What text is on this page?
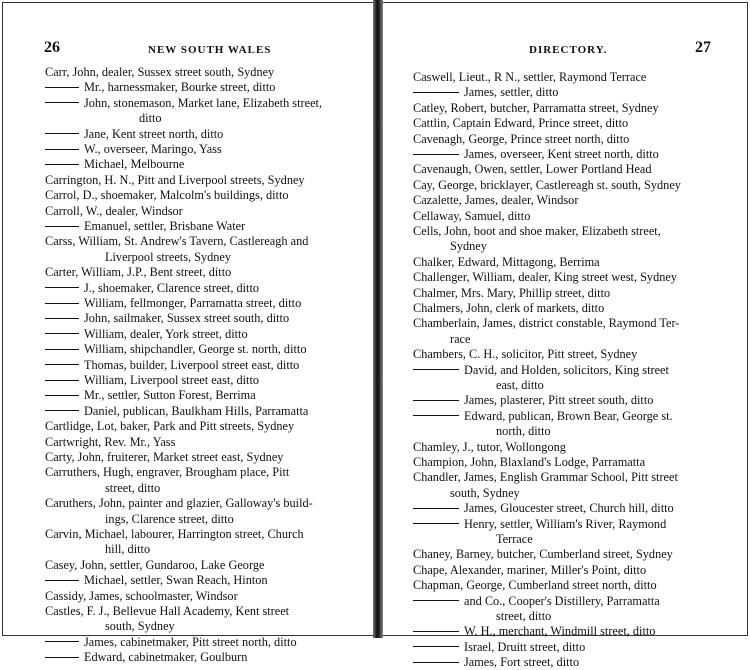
26	NEW SOUTH WALES
Carr, John, dealer, Sussex street south, Sydney
Mr., harnessmaker, Bourke street, ditto
John, stonemason, Market lane, Elizabeth street,
ditto
Jane, Kent street north, ditto
W., overseer, Maringo, Yass
Michael, Melbourne
Carrington, H. N., Pitt and Liverpool streets, Sydney
Carrol, D., shoemaker, Malcolm's buildings, ditto
Carroll, W., dealer, Windsor
Emanuel, settler, Brisbane Water
Carss, William, St. Andrew's Tavern, Castlereagh and
Liverpool streets, Sydney
Carter, William, J.P., Bent street, ditto
J., shoemaker, Clarence street, ditto
William, fellmonger, Parramatta street, ditto
John, sailmaker, Sussex street south, ditto
William, dealer, York street, ditto
William, shipchandler, George st. north, ditto
Thomas, builder, Liverpool street east, ditto
William, Liverpool street east, ditto
Mr., settler, Sutton Forest, Berrima
Daniel, publican, Baulkham Hills, Parramatta
Cartlidge, Lot, baker, Park and Pitt streets, Sydney
Cartwright, Rev. Mr., Yass
Carty, John, fruiterer, Market street east, Sydney
Carruthers, Hugh, engraver, Brougham place, Pitt
street, ditto
Caruthers, John, painter and glazier, Galloway's build-
ings, Clarence street, ditto
Carvin, Michael, labourer, Harrington street, Church
hill, ditto
Casey, John, settler, Gundaroo, Lake George
Michael, settler, Swan Reach, Hinton
Cassidy, James, schoolmaster, Windsor
Castles, F. J., Bellevue Hall Academy, Kent street
south, Sydney
James, cabinetmaker, Pitt street north, ditto
Edward, cabinetmaker, Goulburn
DIRECTORY.	27
Caswell, Lieut., R N., settler, Raymond Terrace
James, settler, ditto
Catley, Robert, butcher, Parramatta street, Sydney
Cattlin, Captain Edward, Prince street, ditto
Cavenagh, George, Prince street north, ditto
James, overseer, Kent street north, ditto
Cavenaugh, Owen, settler, Lower Portland Head
Cay, George, bricklayer, Castlereagh st. south, Sydney
Cazalette, James, dealer, Windsor
Cellaway, Samuel, ditto
Cells, John, boot and shoe maker, Elizabeth street,
Sydney
Chalker, Edward, Mittagong, Berrima
Challenger, William, dealer, King street west, Sydney
Chalmer, Mrs. Mary, Phillip street, ditto
Chalmers, John, clerk of markets, ditto
Chamberlain, James, district constable, Raymond Ter-
race
Chambers, C. H., solicitor, Pitt street, Sydney
David, and Holden, solicitors, King street
east, ditto
James, plasterer, Pitt street south, ditto
Edward, publican, Brown Bear, George st.
north, ditto
Chamley, J., tutor, Wollongong
Champion, John, Blaxland's Lodge, Parramatta
Chandler, James, English Grammar School, Pitt street
south, Sydney
James, Gloucester street, Church hill, ditto
Henry, settler, William's River, Raymond
Terrace
Chaney, Barney, butcher, Cumberland street, Sydney
Chape, Alexander, mariner, Miller's Point, ditto
Chapman, George, Cumberland street north, ditto
and Co., Cooper's Distillery, Parramatta
street, ditto
W. H., merchant, Windmill street, ditto
Israel, Druitt street, ditto
James, Fort street, ditto
